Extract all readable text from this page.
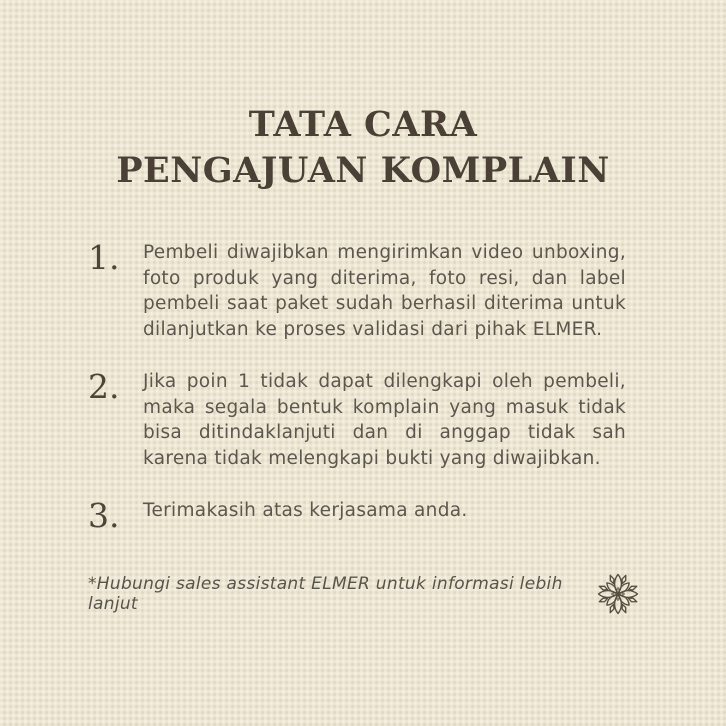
TATA CARA
PENGAJUAN KOMPLAIN
1.	Pembeli diwajibkan mengirimkan video unboxing, foto produk yang diterima, foto resi, dan label pembeli saat paket sudah berhasil diterima untuk dilanjutkan ke proses validasi dari pihak ELMER.

2.	Jika poin 1 tidak dapat dilengkapi oleh pembeli, maka segala bentuk komplain yang masuk tidak bisa ditindaklanjuti dan di anggap tidak sah karena tidak melengkapi bukti yang diwajibkan.

3.	Terimakasih atas kerjasama anda.

*Hubungi sales assistant ELMER untuk informasi lebih lanjut
